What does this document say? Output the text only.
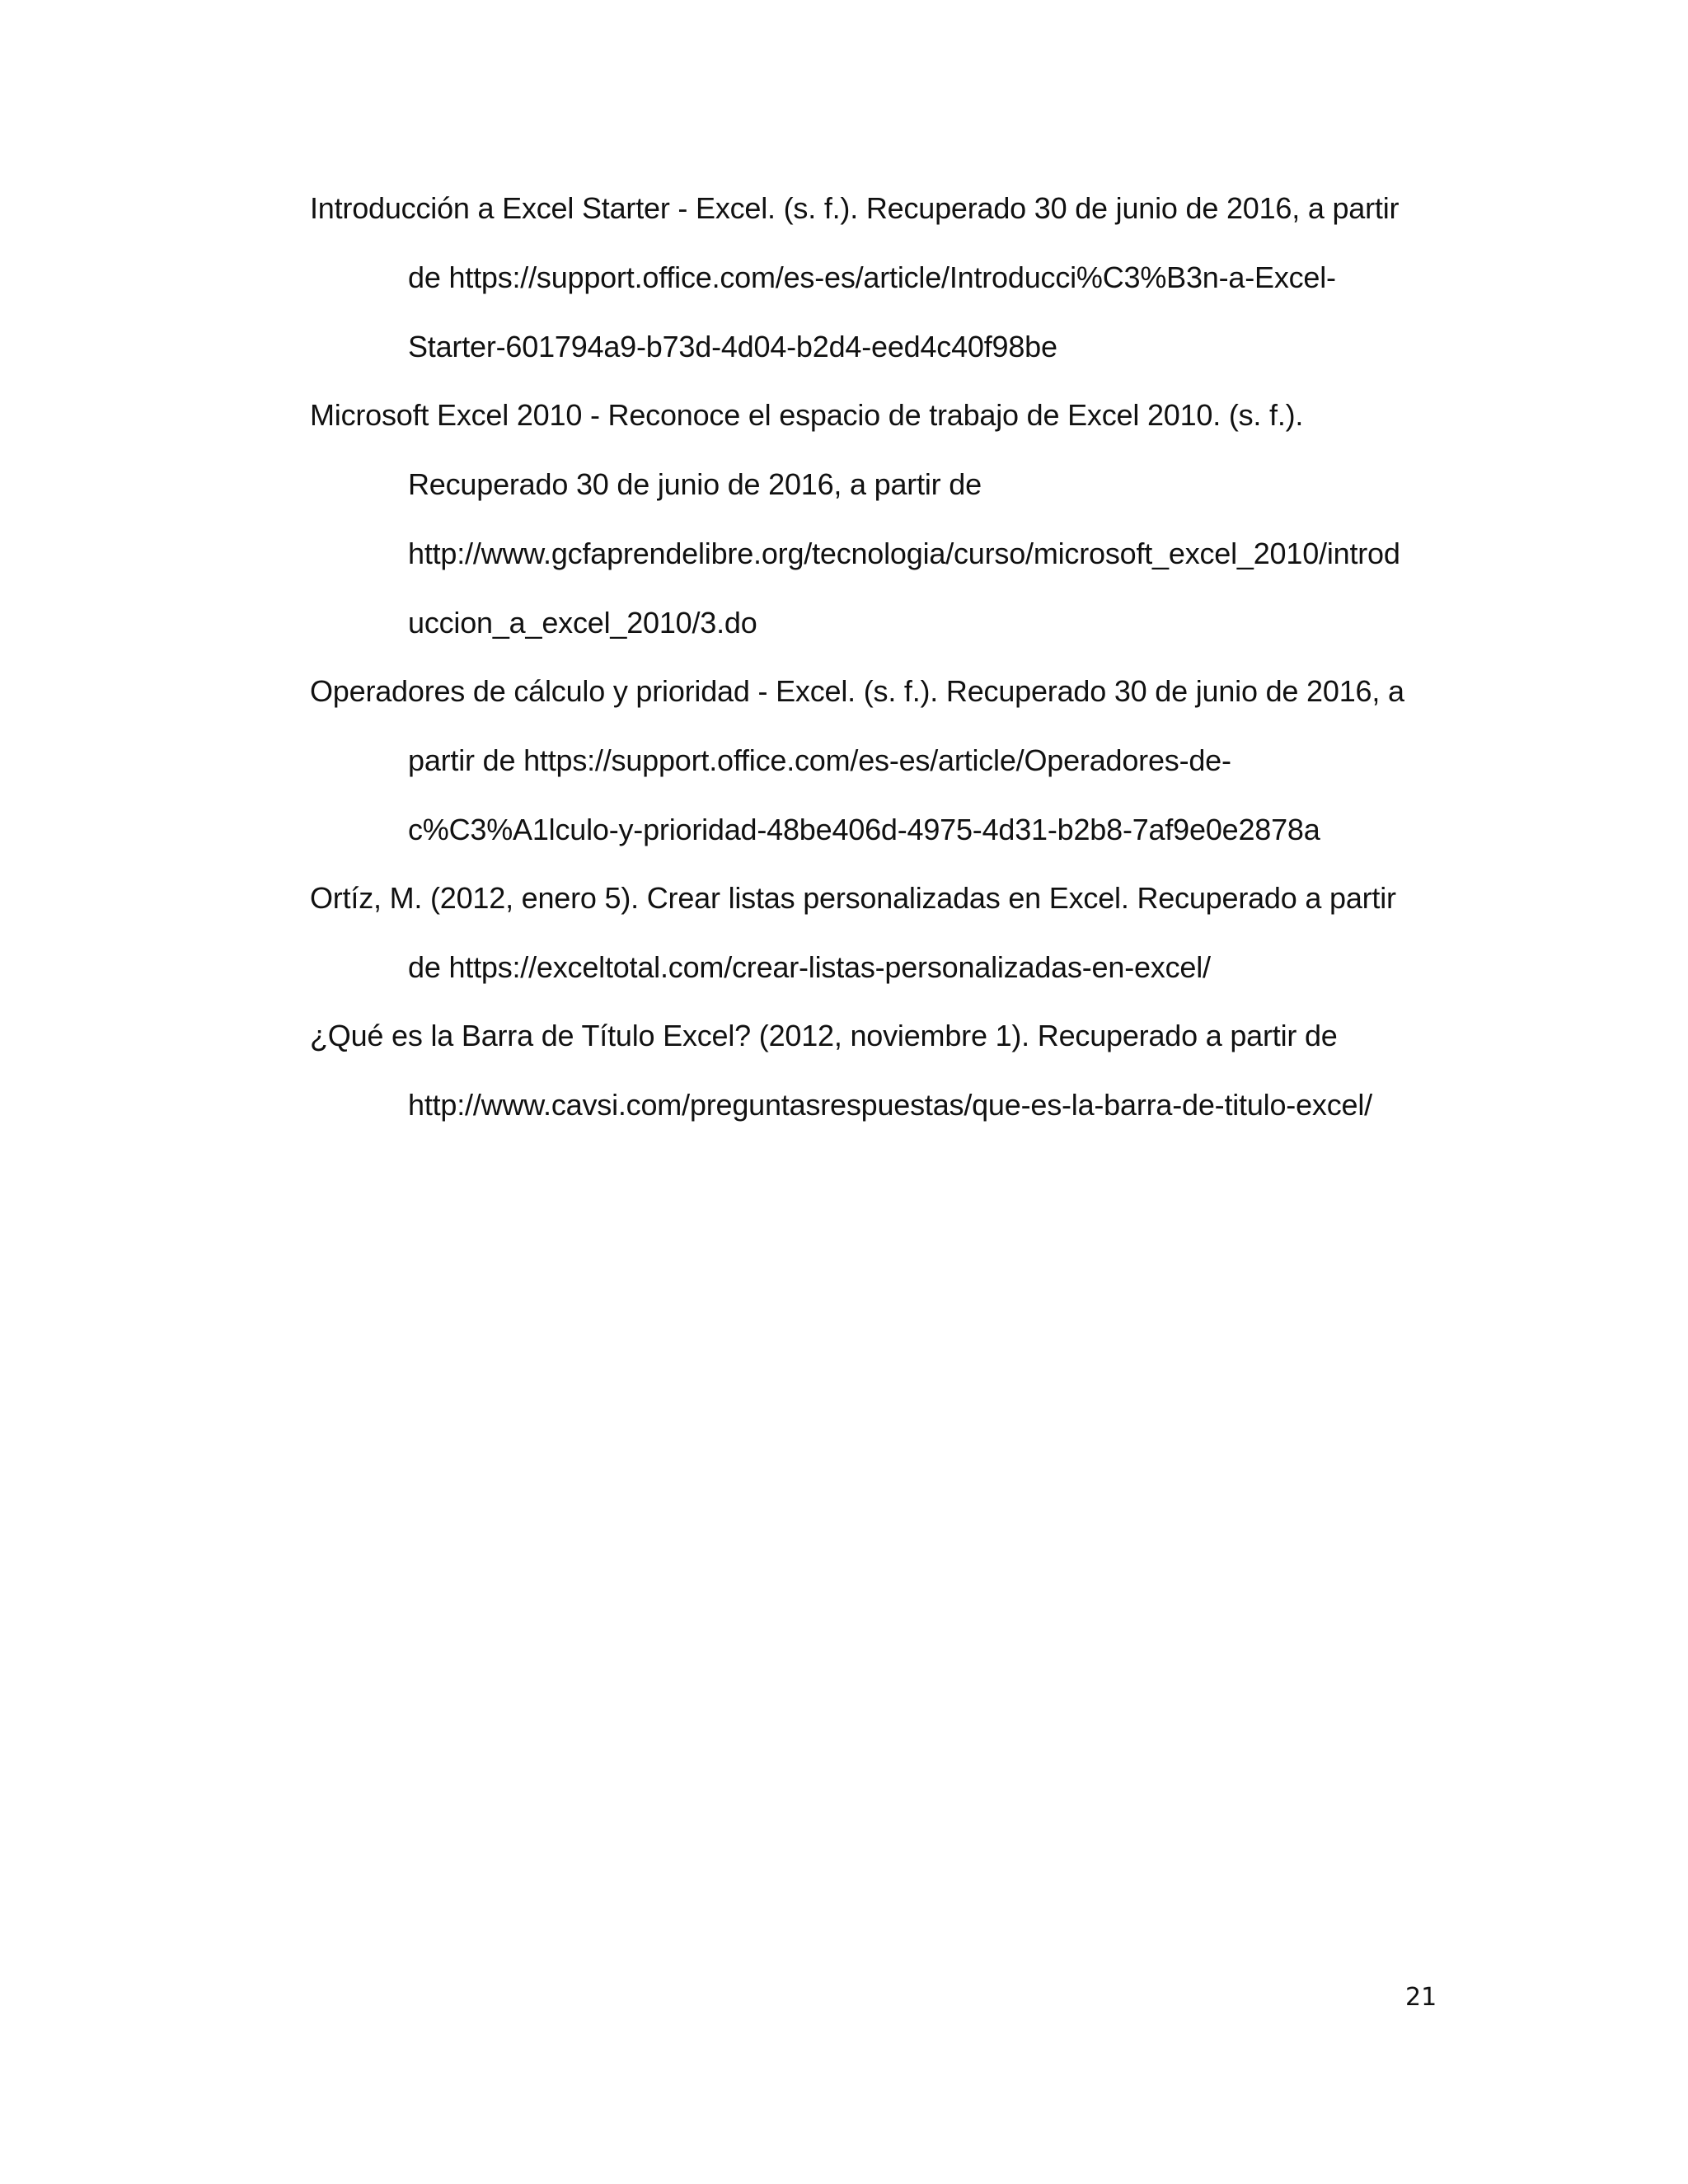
Introducción a Excel Starter - Excel. (s. f.). Recuperado 30 de junio de 2016, a partir
de https://support.office.com/es-es/article/Introducci%C3%B3n-a-Excel-
Starter-601794a9-b73d-4d04-b2d4-eed4c40f98be
Microsoft Excel 2010 - Reconoce el espacio de trabajo de Excel 2010. (s. f.).
Recuperado 30 de junio de 2016, a partir de
http://www.gcfaprendelibre.org/tecnologia/curso/microsoft_excel_2010/introd
uccion_a_excel_2010/3.do
Operadores de cálculo y prioridad - Excel. (s. f.). Recuperado 30 de junio de 2016, a
partir de https://support.office.com/es-es/article/Operadores-de-
c%C3%A1lculo-y-prioridad-48be406d-4975-4d31-b2b8-7af9e0e2878a
Ortíz, M. (2012, enero 5). Crear listas personalizadas en Excel. Recuperado a partir
de https://exceltotal.com/crear-listas-personalizadas-en-excel/
¿Qué es la Barra de Título Excel? (2012, noviembre 1). Recuperado a partir de
http://www.cavsi.com/preguntasrespuestas/que-es-la-barra-de-titulo-excel/
21
